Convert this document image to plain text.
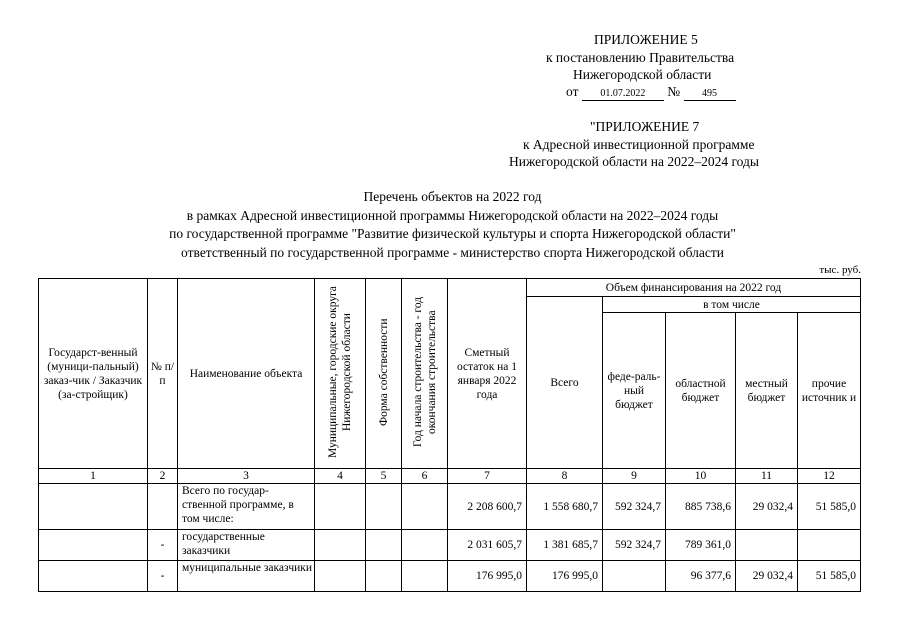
ПРИЛОЖЕНИЕ 5
к постановлению Правительства
Нижегородской области
от 01.07.2022 № 495
"ПРИЛОЖЕНИЕ 7
к Адресной инвестиционной программе
Нижегородской области на 2022–2024 годы
Перечень объектов на 2022 год
в рамках Адресной инвестиционной программы Нижегородской области на 2022–2024 годы
по государственной программе "Развитие физической культуры и спорта Нижегородской области"
ответственный по государственной программе - министерство спорта Нижегородской области
тыс. руб.
Государст-венный (муници-пальный) заказ-чик / Заказчик (за-стройщик)	№ п/п	Наименование объекта	Муниципальные, городские округа Нижегородской области	Форма собственности	Год начала строительства - год окончания строительства	Сметный остаток на 1 января 2022 года	Объем финансирования на 2022 год				
							Всего	в том числе			
								феде-раль-ный бюджет	областной бюджет	местный бюджет	прочие источник и
1	2	3	4	5	6	7	8	9	10	11	12
		Всего по государ-ственной программе, в том числе:				2 208 600,7	1 558 680,7	592 324,7	885 738,6	29 032,4	51 585,0
	-	государственные заказчики				2 031 605,7	1 381 685,7	592 324,7	789 361,0		
	-	муниципальные заказчики				176 995,0	176 995,0		96 377,6	29 032,4	51 585,0
